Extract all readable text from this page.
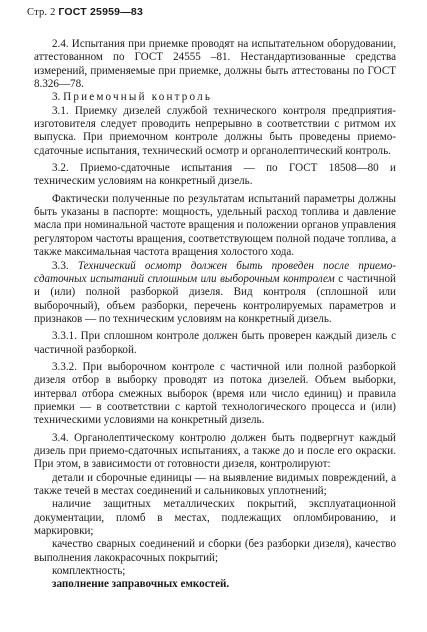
Стр. 2 ГОСТ 25959—83

2.4. Испытания при приемке проводят на испытательном оборудовании, аттестованном по ГОСТ 24555 –81. Нестандартизованные средства измерений, применяемые при приемке, должны быть аттестованы по ГОСТ 8.326—78.

3. Приемочный контроль

3.1. Приемку дизелей службой технического контроля предприятия-изготовителя следует проводить непрерывно в соответствии с ритмом их выпуска. При приемочном контроле должны быть проведены приемо-сдаточные испытания, технический осмотр и органолептический контроль.

3.2. Приемо-сдаточные испытания — по ГОСТ 18508—80 и техническим условиям на конкретный дизель.

Фактически полученные по результатам испытаний параметры должны быть указаны в паспорте: мощность, удельный расход топлива и давление масла при номинальной частоте вращения и положении органов управления регулятором частоты вращения, соответствующем полной подаче топлива, а также максимальная частота вращения холостого хода.

3.3. Технический осмотр должен быть проведен после приемо-сдаточных испытаний сплошным или выборочным контролем с частичной и (или) полной разборкой дизеля. Вид контроля (сплошной или выборочный), объем разборки, перечень контролируемых параметров и признаков — по техническим условиям на конкретный дизель.

3.3.1. При сплошном контроле должен быть проверен каждый дизель с частичной разборкой.

3.3.2. При выборочном контроле с частичной или полной разборкой дизеля отбор в выборку проводят из потока дизелей. Объем выборки, интервал отбора смежных выборок (время или число единиц) и правила приемки — в соответствии с картой технологического процесса и (или) техническими условиями на конкретный дизель.

3.4. Органолептическому контролю должен быть подвергнут каждый дизель при приемо-сдаточных испытаниях, а также до и после его окраски. При этом, в зависимости от готовности дизеля, контролируют:

детали и сборочные единицы — на выявление видимых повреждений, а также течей в местах соединений и сальниковых уплотнений;

наличие защитных металлических покрытий, эксплуатационной документации, пломб в местах, подлежащих опломбированию, и маркировки;

качество сварных соединений и сборки (без разборки дизеля), качество выполнения лакокрасочных покрытий;

комплектность;

заполнение заправочных емкостей.
